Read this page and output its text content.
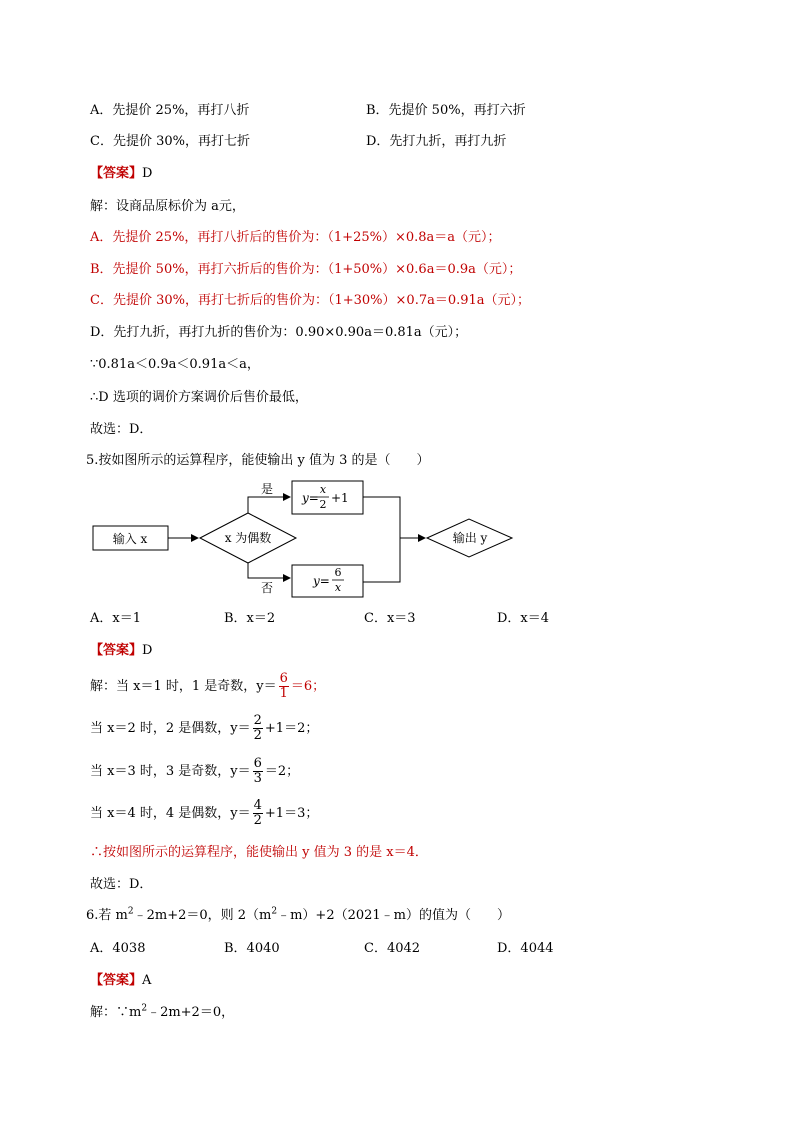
A．先提价 25%，再打八折	B．先提价 50%，再打六折
C．先提价 30%，再打七折	D．先打九折，再打九折
【答案】D
解：设商品原标价为 a元，
A．先提价 25%，再打八折后的售价为：（1+25%）×0.8a＝a（元）；
B．先提价 50%，再打六折后的售价为：（1+50%）×0.6a＝0.9a（元）；
C．先提价 30%，再打七折后的售价为：（1+30%）×0.7a＝0.91a（元）；
D．先打九折，再打九折的售价为：0.90×0.90a＝0.81a（元）；
∵0.81a＜0.9a＜0.91a＜a，
∴D 选项的调价方案调价后售价最低，
故选：D．
5.按如图所示的运算程序，能使输出 y 值为 3 的是（　　）
输入 x	x 为偶数
是
y=
x
2 +1
否	y=
6
x
输出 y
A．x＝1	B．x＝2	C．x＝3	D．x＝4
【答案】D
解：当 x＝1 时，1 是奇数，$y= \frac{6}{1} =6$；
当 x＝2 时，2 是偶数，$y= \frac{2}{2} +1=2$；
当 x＝3 时，3 是奇数，$y= \frac{6}{3} =2$；
当 x＝4 时，4 是偶数，$y= \frac{4}{2} +1=3$；
∴按如图所示的运算程序，能使输出 y 值为 3 的是 x＝4．
故选：D．
6.若 $m^2﹣2m+2=0$，则 $2(m^2﹣m)+2(2021﹣m)$的值为（　　）
A．4038	B．4040	C．4042	D．4044
【答案】A
解：$\because m^2﹣2m+2=0$，
